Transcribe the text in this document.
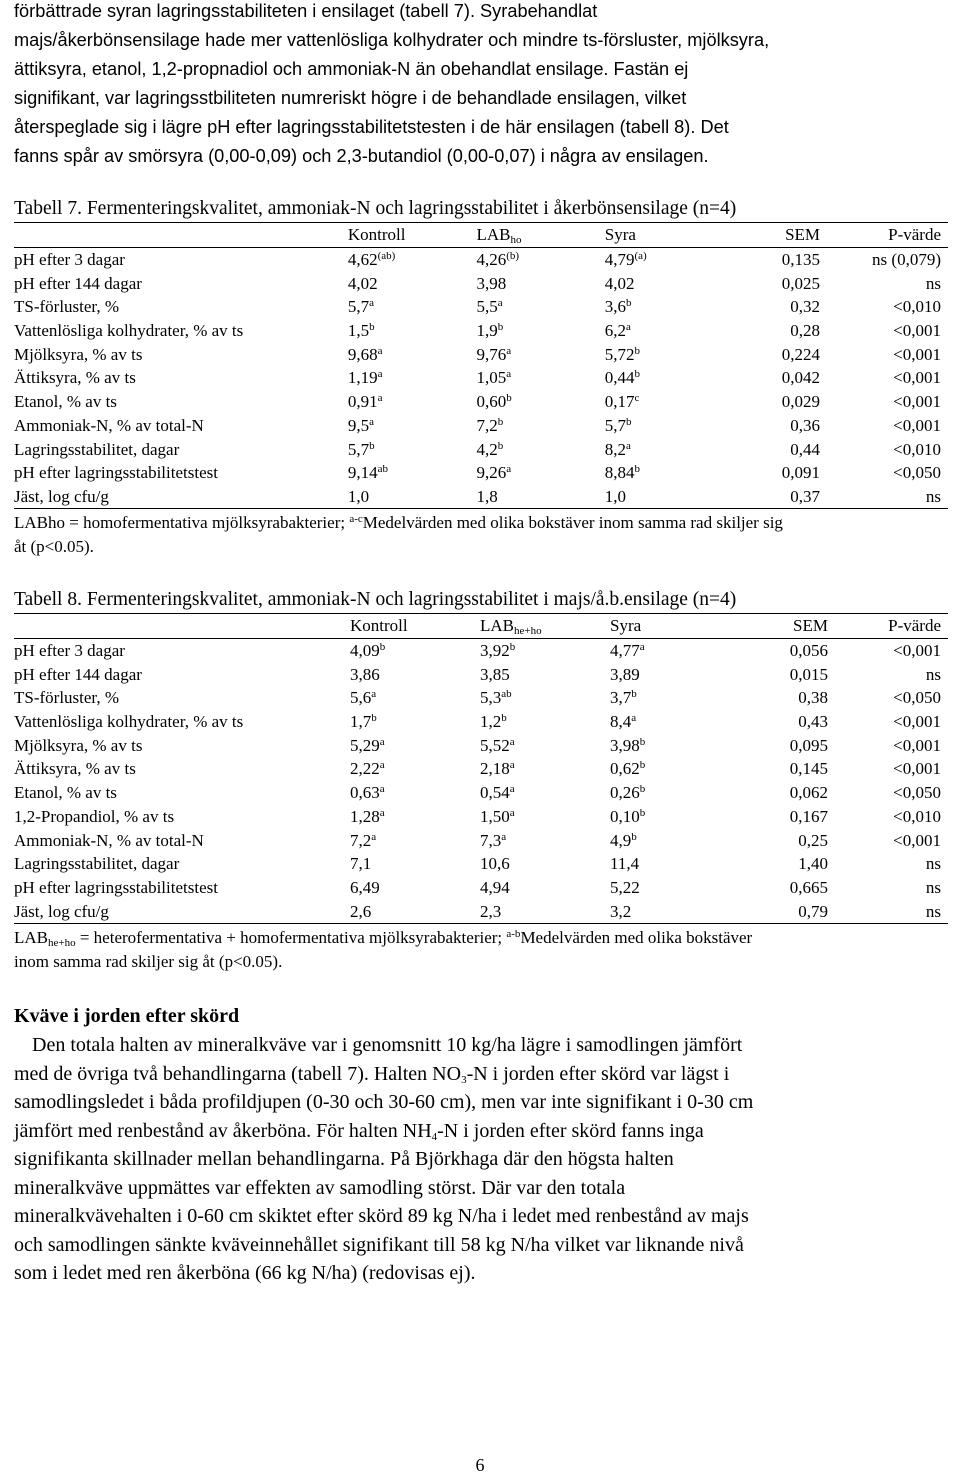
förbättrade syran lagringsstabiliteten i ensilaget (tabell 7). Syrabehandlat

majs/åkerbönsensilage hade mer vattenlösliga kolhydrater och mindre ts-försluster, mjölksyra,

ättiksyra, etanol, 1,2-propnadiol och ammoniak-N än obehandlat ensilage. Fastän ej

signifikant, var lagringsstbiliteten numreriskt högre i de behandlade ensilagen, vilket

återspeglade sig i lägre pH efter lagringsstabilitetstesten i de här ensilagen (tabell 8). Det

fanns spår av smörsyra (0,00-0,09) och 2,3-butandiol (0,00-0,07) i några av ensilagen.

Tabell 7. Fermenteringskvalitet, ammoniak-N och lagringsstabilitet i åkerbönsensilage (n=4)

	Kontroll	$LAB_{ho}$	Syra	SEM	P-värde
pH efter 3 dagar	$4,62^{(ab)}$	4,26$^{(b)}$	4,79$^{(a)}$	0,135	ns (0,079)
pH efter 144 dagar	4,02	3,98	4,02	0,025	ns
TS-förluster, %	5,7$^a$	5,5$^a$	3,6$^b$	0,32	<0,010
Vattenlösliga kolhydrater, % av ts	1,5$^b$	1,9$^b$	6,2$^a$	0,28	<0,001
Mjölksyra, % av ts	9,68$^a$	9,76$^a$	5,72$^b$	0,224	<0,001
Ättiksyra, % av ts	1,19$^a$	1,05$^a$	0,44$^b$	0,042	<0,001
Etanol, % av ts	0,91$^a$	0,60$^b$	0,17$^c$	0,029	<0,001
Ammoniak-N, % av total-N	9,5$^a$	7,2$^b$	5,7$^b$	0,36	<0,001
Lagringsstabilitet, dagar	5,7$^b$	4,2$^b$	8,2$^a$	0,44	<0,010
pH efter lagringsstabilitetstest	9,14$^{ab}$	9,26$^a$	8,84$^b$	0,091	<0,050
Jäst, log cfu/g	1,0	1,8	1,0	0,37	ns

LABho = homofermentativa mjölksyrabakterier; $^{a-c}$Medelvärden med olika bokstäver inom samma rad skiljer sig
åt (p<0.05).

Tabell 8. Fermenteringskvalitet, ammoniak-N och lagringsstabilitet i majs/å.b.ensilage (n=4)

	Kontroll	$LAB_{he+ho}$	Syra	SEM	P-värde
pH efter 3 dagar	4,09$^b$	3,92$^b$	4,77$^a$	0,056	<0,001
pH efter 144 dagar	3,86	3,85	3,89	0,015	ns
TS-förluster, %	5,6$^a$	5,3$^{ab}$	3,7$^b$	0,38	<0,050
Vattenlösliga kolhydrater, % av ts	1,7$^b$	1,2$^b$	8,4$^a$	0,43	<0,001
Mjölksyra, % av ts	5,29$^a$	5,52$^a$	3,98$^b$	0,095	<0,001
Ättiksyra, % av ts	2,22$^a$	2,18$^a$	0,62$^b$	0,145	<0,001
Etanol, % av ts	0,63$^a$	0,54$^a$	0,26$^b$	0,062	<0,050
1,2-Propandiol, % av ts	1,28$^a$	1,50$^a$	0,10$^b$	0,167	<0,010
Ammoniak-N, % av total-N	7,2$^a$	7,3$^a$	4,9$^b$	0,25	<0,001
Lagringsstabilitet, dagar	7,1	10,6	11,4	1,40	ns
pH efter lagringsstabilitetstest	6,49	4,94	5,22	0,665	ns
Jäst, log cfu/g	2,6	2,3	3,2	0,79	ns

$LAB_{he+ho}$ = heterofermentativa + homofermentativa mjölksyrabakterier; $^{a-b}$Medelvärden med olika bokstäver
inom samma rad skiljer sig åt (p<0.05).

Kväve i jorden efter skörd

Den totala halten av mineralkväve var i genomsnitt 10 kg/ha lägre i samodlingen jämfört

med de övriga två behandlingarna (tabell 7). Halten $NO_3-N$ i jorden efter skörd var lägst i

samodlingsledet i båda profildjupen (0-30 och 30-60 cm), men var inte signifikant i 0-30 cm

jämfört med renbestånd av åkerböna. För halten $NH_4-N$ i jorden efter skörd fanns inga

signifikanta skillnader mellan behandlingarna. På Björkhaga där den högsta halten

mineralkväve uppmättes var effekten av samodling störst. Där var den totala

mineralkvävehalten i 0-60 cm skiktet efter skörd 89 kg N/ha i ledet med renbestånd av majs

och samodlingen sänkte kväveinnehållet signifikant till 58 kg N/ha vilket var liknande nivå

som i ledet med ren åkerböna (66 kg N/ha) (redovisas ej).

6
